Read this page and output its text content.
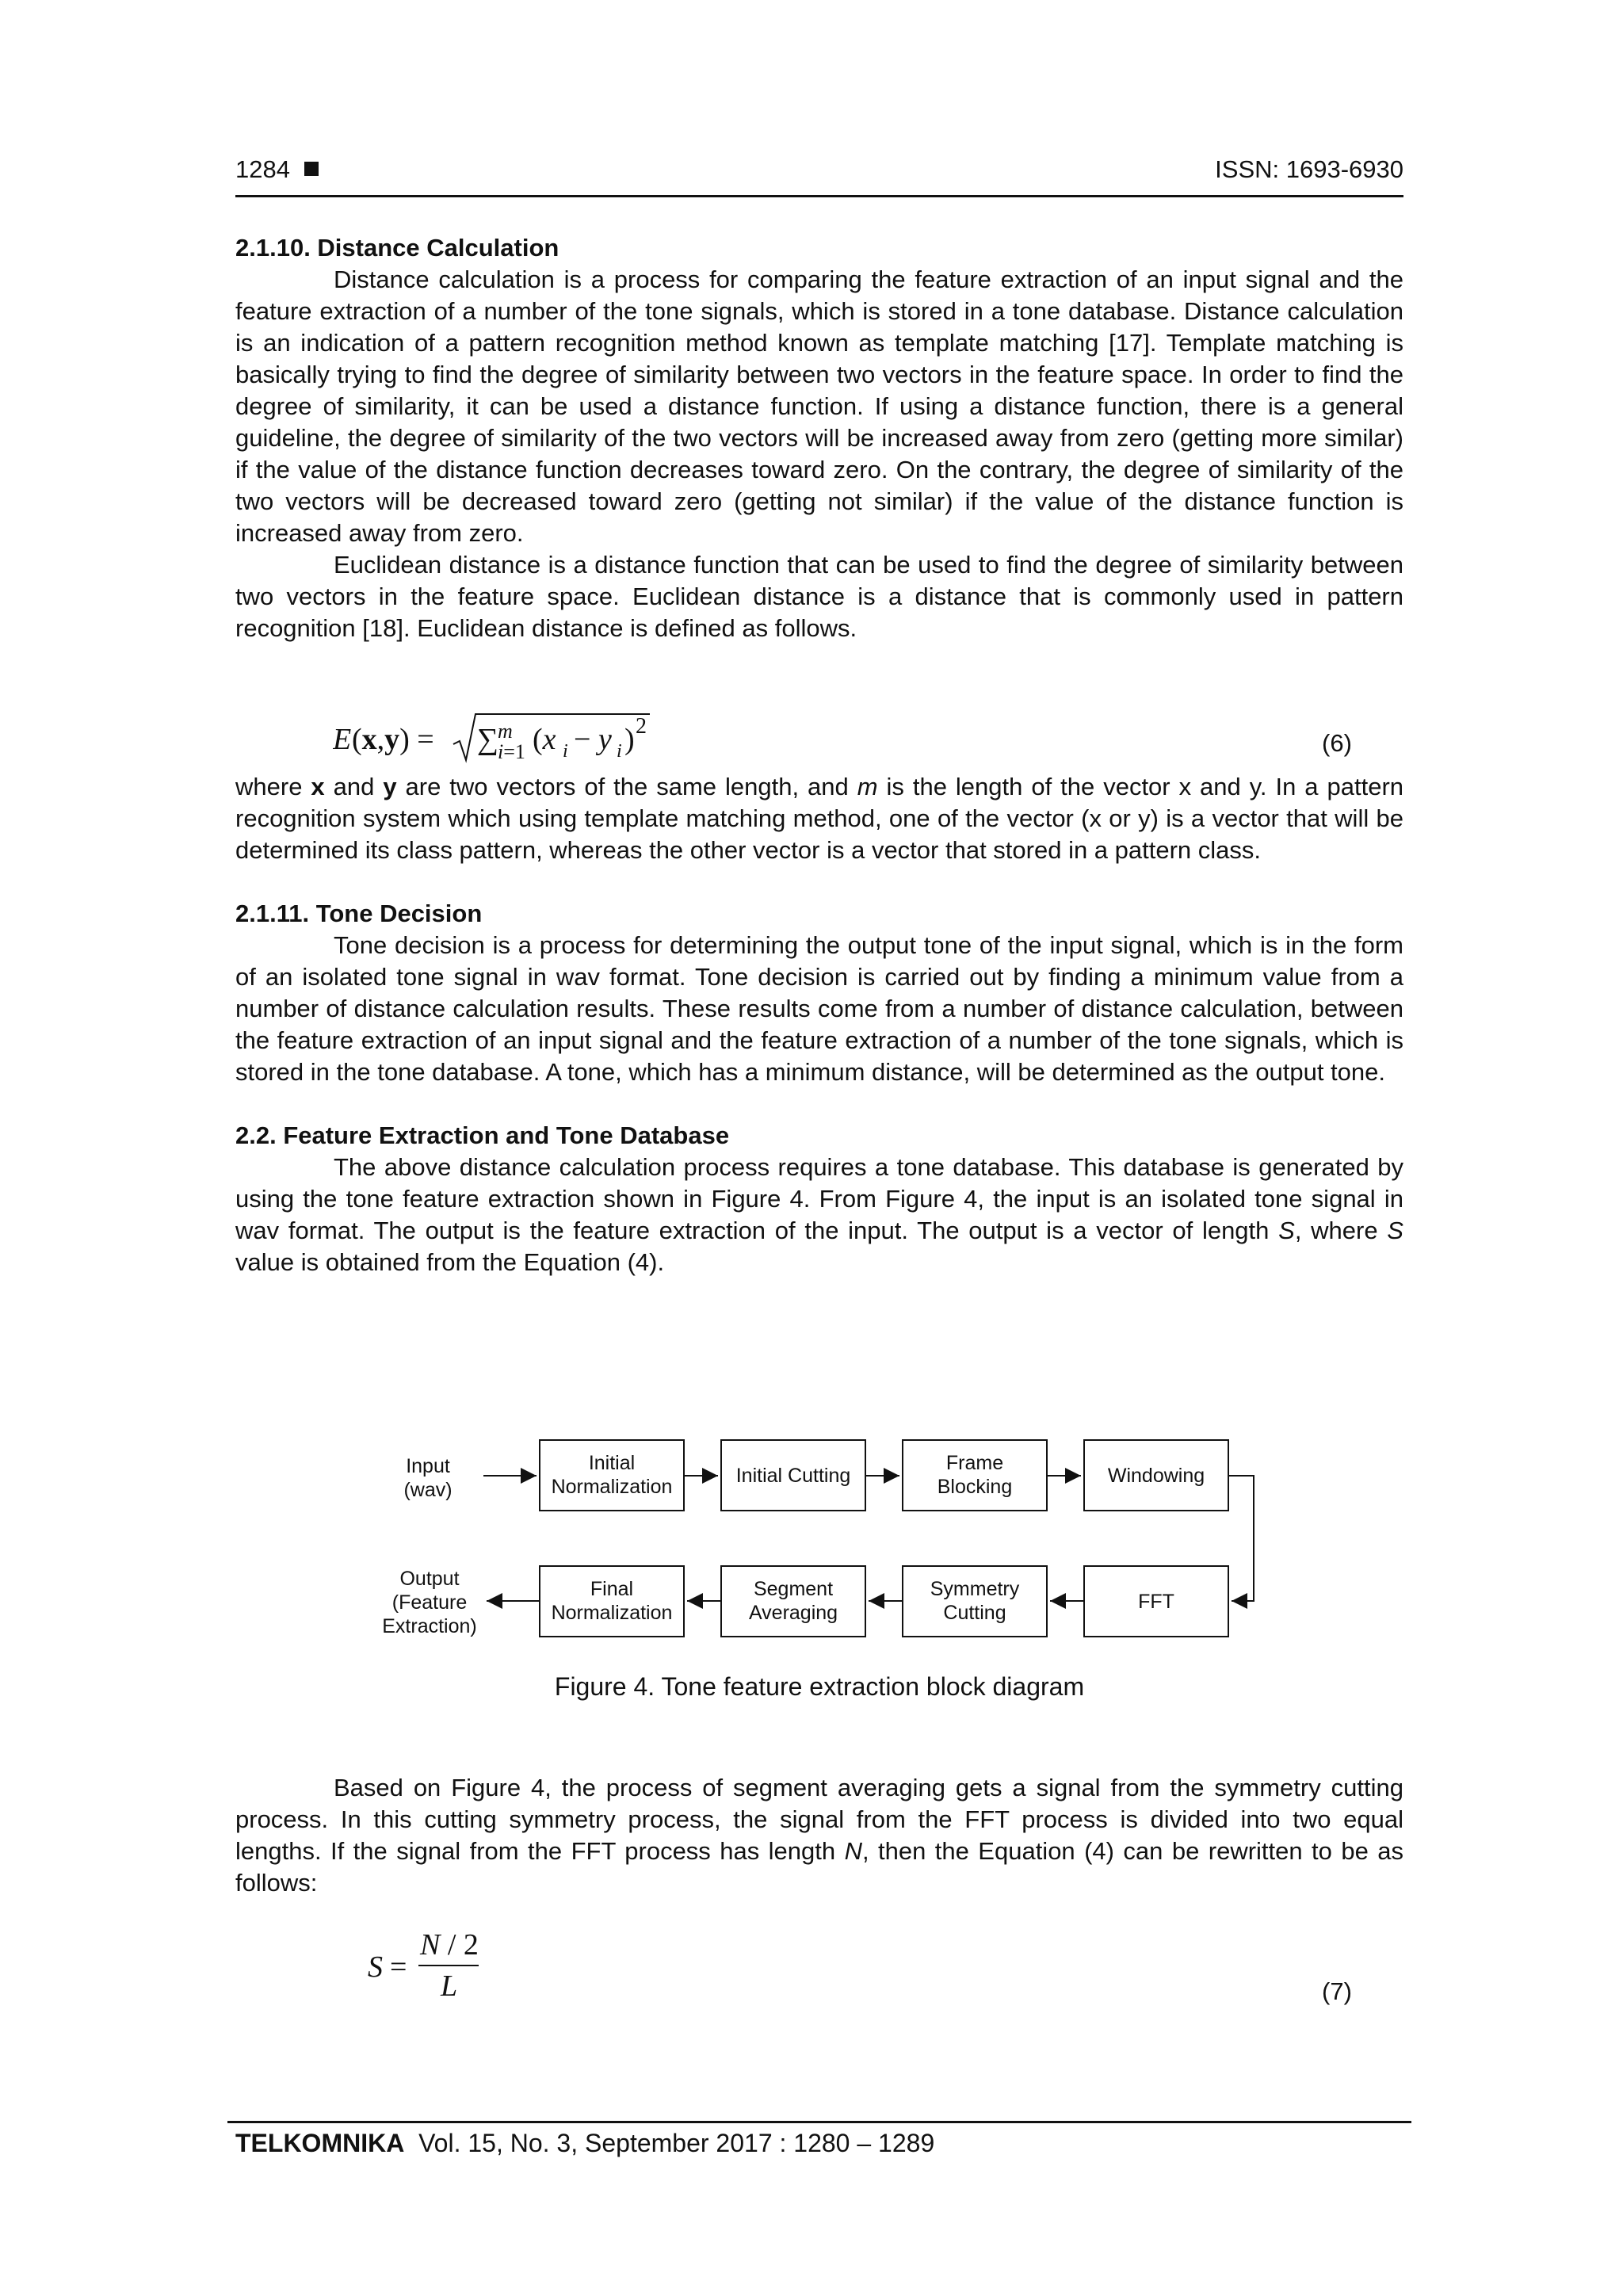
1284	ISSN: 1693-6930
2.1.10. Distance Calculation

Distance calculation is a process for comparing the feature extraction of an input signal and the feature extraction of a number of the tone signals, which is stored in a tone database. Distance calculation is an indication of a pattern recognition method known as template matching [17]. Template matching is basically trying to find the degree of similarity between two vectors in the feature space. In order to find the degree of similarity, it can be used a distance function. If using a distance function, there is a general guideline, the degree of similarity of the two vectors will be increased away from zero (getting more similar) if the value of the distance function decreases toward zero. On the contrary, the degree of similarity of the two vectors will be decreased toward zero (getting not similar) if the value of the distance function is increased away from zero.

Euclidean distance is a distance function that can be used to find the degree of similarity between two vectors in the feature space. Euclidean distance is a distance that is commonly used in pattern recognition [18]. Euclidean distance is defined as follows.

where x and y are two vectors of the same length, and m is the length of the vector x and y. In a pattern recognition system which using template matching method, one of the vector (x or y) is a vector that will be determined its class pattern, whereas the other vector is a vector that stored in a pattern class.

2.1.11. Tone Decision

Tone decision is a process for determining the output tone of the input signal, which is in the form of an isolated tone signal in wav format. Tone decision is carried out by finding a minimum value from a number of distance calculation results. These results come from a number of distance calculation, between the feature extraction of an input signal and the feature extraction of a number of the tone signals, which is stored in the tone database. A tone, which has a minimum distance, will be determined as the output tone.

2.2. Feature Extraction and Tone Database

The above distance calculation process requires a tone database. This database is generated by using the tone feature extraction shown in Figure 4. From Figure 4, the input is an isolated tone signal in wav format. The output is the feature extraction of the input. The output is a vector of length S, where S value is obtained from the Equation (4).

E (x,y) = ∑
m
i=1 (x i − y i ) 2
(6)
Input
(wav)
Output
(Feature
Extraction)
Initial
Normalization	Initial Cutting
Frame
Blocking	Windowing
Final
Normalization
Segment
Averaging
Symmetry
Cutting	FFT
Figure 4. Tone feature extraction block diagram

Based on Figure 4, the process of segment averaging gets a signal from the symmetry cutting process. In this cutting symmetry process, the signal from the FFT process is divided into two equal lengths. If the signal from the FFT process has length N, then the Equation (4) can be rewritten to be as follows:

S =
N / 2
L	(7)
TELKOMNIKA Vol. 15, No. 3, September 2017 : 1280 – 1289
